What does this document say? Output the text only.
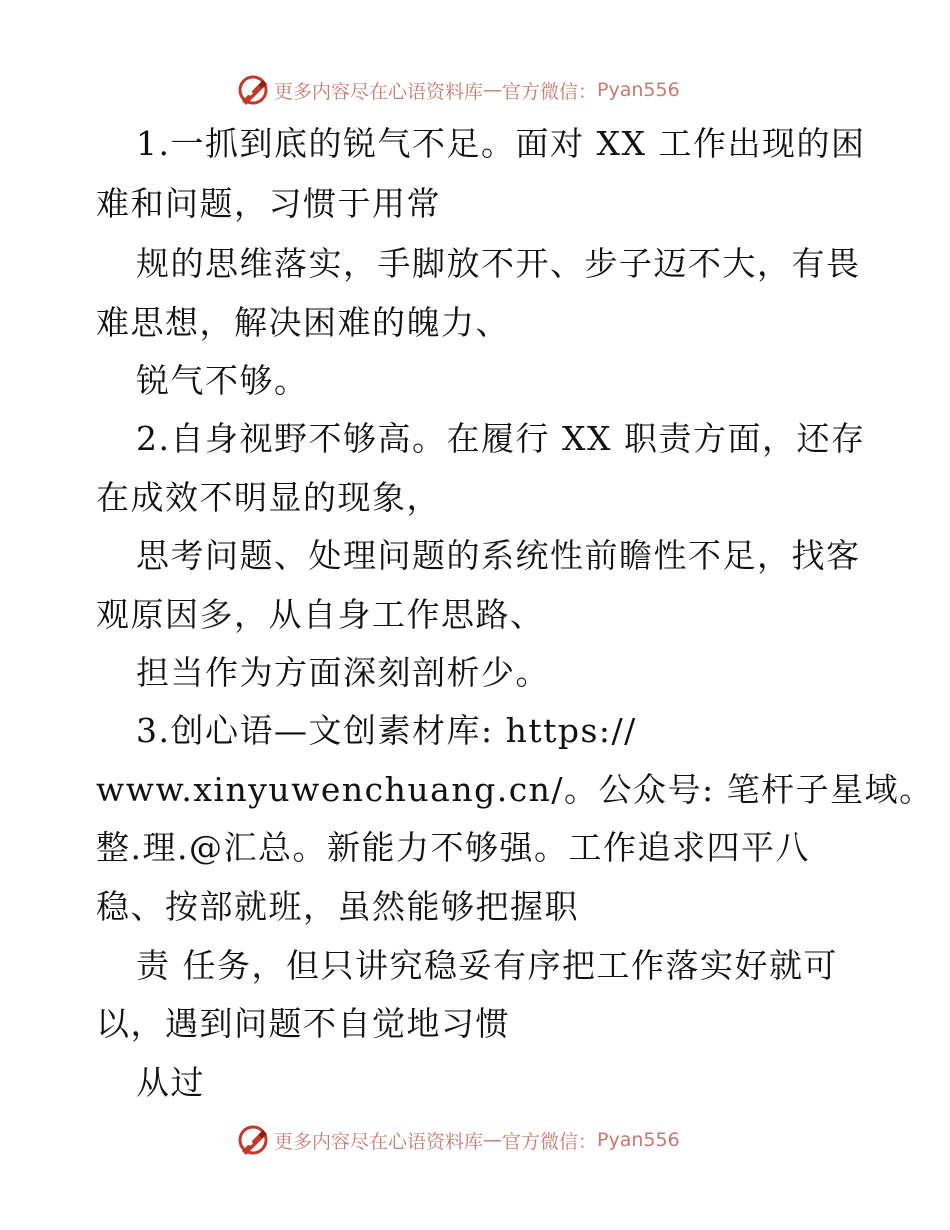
更多内容尽在心语资料库 — 官方微信： Pyan556
1.一抓到底的锐气不足。面对 XX 工作出现的困
难和问题，习惯于用常
规的思维落实，手脚放不开、步子迈不大，有畏
难思想，解决困难的魄力、
锐气不够。
2.自身视野不够高。在履行 XX 职责方面，还存
在成效不明显的现象，
思考问题、处理问题的系统性前瞻性不足，找客
观原因多，从自身工作思路、
担当作为方面深刻剖析少。
3.创心语—文创素材库: https://
www.xinyuwenchuang.cn/。公众号: 笔杆子星域。
整.理.@汇总。新能力不够强。工作追求四平八
稳、按部就班，虽然能够把握职
责 任务，但只讲究稳妥有序把工作落实好就可
以，遇到问题不自觉地习惯
从过
更多内容尽在心语资料库 — 官方微信： Pyan556
